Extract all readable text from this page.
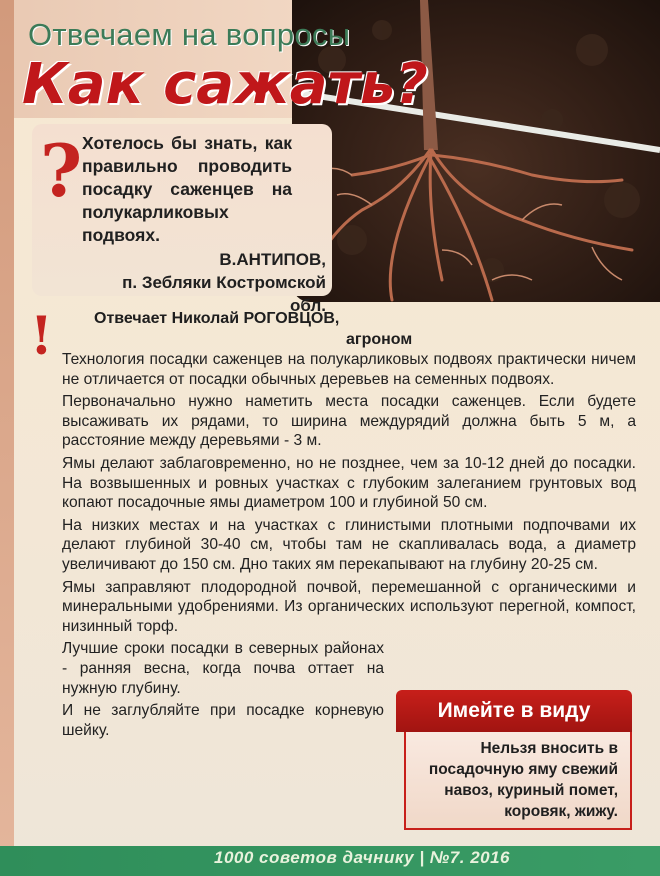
Отвечаем на вопросы
Как сажать?
? Хотелось бы знать, как правильно проводить посадку саженцев на полукарликовых подвоях.
В.АНТИПОВ,
п. Зебляки Костромской обл.
!	Отвечает Николай РОГОВЦОВ,
агроном

Технология посадки саженцев на полукарликовых подвоях практически ничем не отличается от посадки обычных деревьев на семенных подвоях.

Первоначально нужно наметить места посадки саженцев. Если будете высаживать их рядами, то ширина междурядий должна быть 5 м, а расстояние между деревьями - 3 м.

Ямы делают заблаговременно, но не позднее, чем за 10-12 дней до посадки. На возвышенных и ровных участках с глубоким залеганием грунтовых вод копают посадочные ямы диаметром 100 и глубиной 50 см.

На низких местах и на участках с глинистыми плотными подпочвами их делают глубиной 30-40 см, чтобы там не скапливалась вода, а диаметр увеличивают до 150 см. Дно таких ям перекапывают на глубину 20-25 см.

Ямы заправляют плодородной почвой, перемешанной с органическими и минеральными удобрениями. Из органических используют перегной, компост, низинный торф.

Лучшие сроки посадки в северных районах - ранняя весна, когда почва оттает на нужную глубину.

И не заглубляйте при посадке корневую шейку.

Имейте в виду
Нельзя вносить в посадочную яму свежий навоз, куриный помет, коровяк, жижу.
1000 советов дачнику | №7. 2016
